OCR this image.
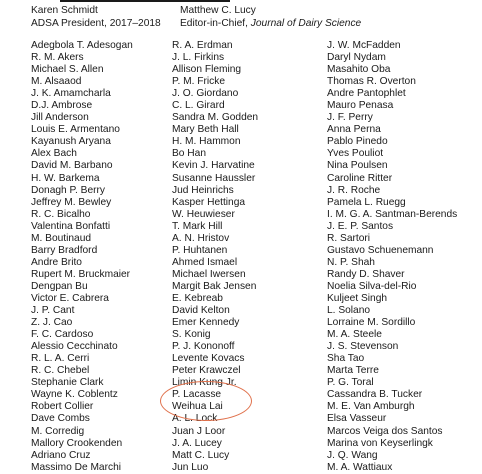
Karen Schmidt
ADSA President, 2017–2018
Matthew C. Lucy
Editor-in-Chief, Journal of Dairy Science
Adegbola T. Adesogan
R. M. Akers
Michael S. Allen
M. Alsaaod
J. K. Amamcharla
D.J. Ambrose
Jill Anderson
Louis E. Armentano
Kayanush Aryana
Alex Bach
David M. Barbano
H. W. Barkema
Donagh P. Berry
Jeffrey M. Bewley
R. C. Bicalho
Valentina Bonfatti
M. Boutinaud
Barry Bradford
Andre Brito
Rupert M. Bruckmaier
Dengpan Bu
Victor E. Cabrera
J. P. Cant
Z. J. Cao
F. C. Cardoso
Alessio Cecchinato
R. L. A. Cerri
R. C. Chebel
Stephanie Clark
Wayne K. Coblentz
Robert Collier
Dave Combs
M. Corredig
Mallory Crookenden
Adriano Cruz
Massimo De Marchi
R. A. Erdman
J. L. Firkins
Allison Fleming
P. M. Fricke
J. O. Giordano
C. L. Girard
Sandra M. Godden
Mary Beth Hall
H. M. Hammon
Bo Han
Kevin J. Harvatine
Susanne Haussler
Jud Heinrichs
Kasper Hettinga
W. Heuwieser
T. Mark Hill
A. N. Hristov
P. Huhtanen
Ahmed Ismael
Michael Iwersen
Margit Bak Jensen
E. Kebreab
David Kelton
Emer Kennedy
S. Konig
P. J. Kononoff
Levente Kovacs
Peter Krawczel
Limin Kung Jr.
P. Lacasse
Weihua Lai
A. L. Lock
Juan J Loor
J. A. Lucey
Matt C. Lucy
Jun Luo
J. W. McFadden
Daryl Nydam
Masahito Oba
Thomas R. Overton
Andre Pantophlet
Mauro Penasa
J. F. Perry
Anna Perna
Pablo Pinedo
Yves Pouliot
Nina Poulsen
Caroline Ritter
J. R. Roche
Pamela L. Ruegg
I. M. G. A. Santman-Berends
J. E. P. Santos
R. Sartori
Gustavo Schuenemann
N. P. Shah
Randy D. Shaver
Noelia Silva-del-Rio
Kuljeet Singh
L. Solano
Lorraine M. Sordillo
M. A. Steele
J. S. Stevenson
Sha Tao
Marta Terre
P. G. Toral
Cassandra B. Tucker
M. E. Van Amburgh
Elsa Vasseur
Marcos Veiga dos Santos
Marina von Keyserlingk
J. Q. Wang
M. A. Wattiaux
